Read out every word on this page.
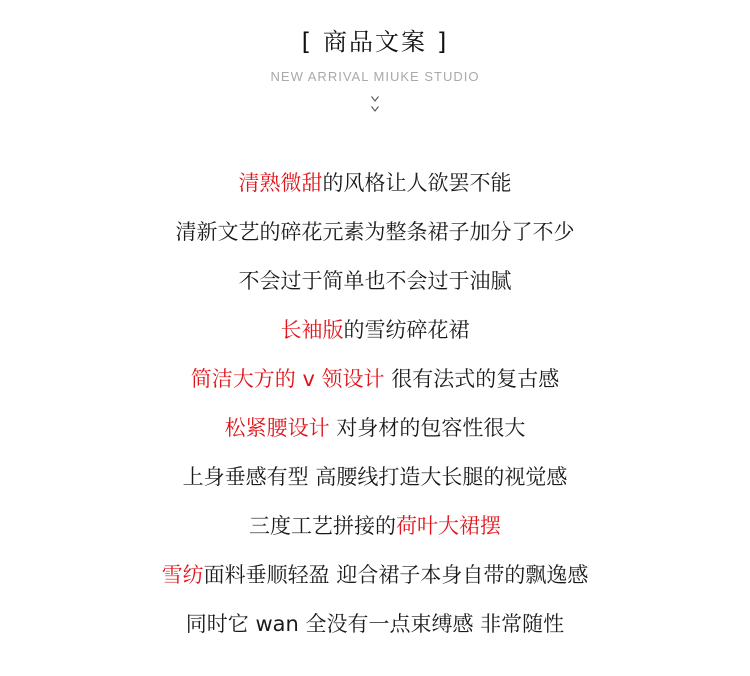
[ 商品文案 ]
NEW ARRIVAL MIUKE STUDIO
清熟微甜的风格让人欲罢不能
清新文艺的碎花元素为整条裙子加分了不少
不会过于简单也不会过于油腻
长袖版的雪纺碎花裙
简洁大方的 v 领设计 很有法式的复古感
松紧腰设计 对身材的包容性很大
上身垂感有型 高腰线打造大长腿的视觉感
三度工艺拼接的荷叶大裙摆
雪纺面料垂顺轻盈 迎合裙子本身自带的飘逸感
同时它 wan 全没有一点束缚感 非常随性
